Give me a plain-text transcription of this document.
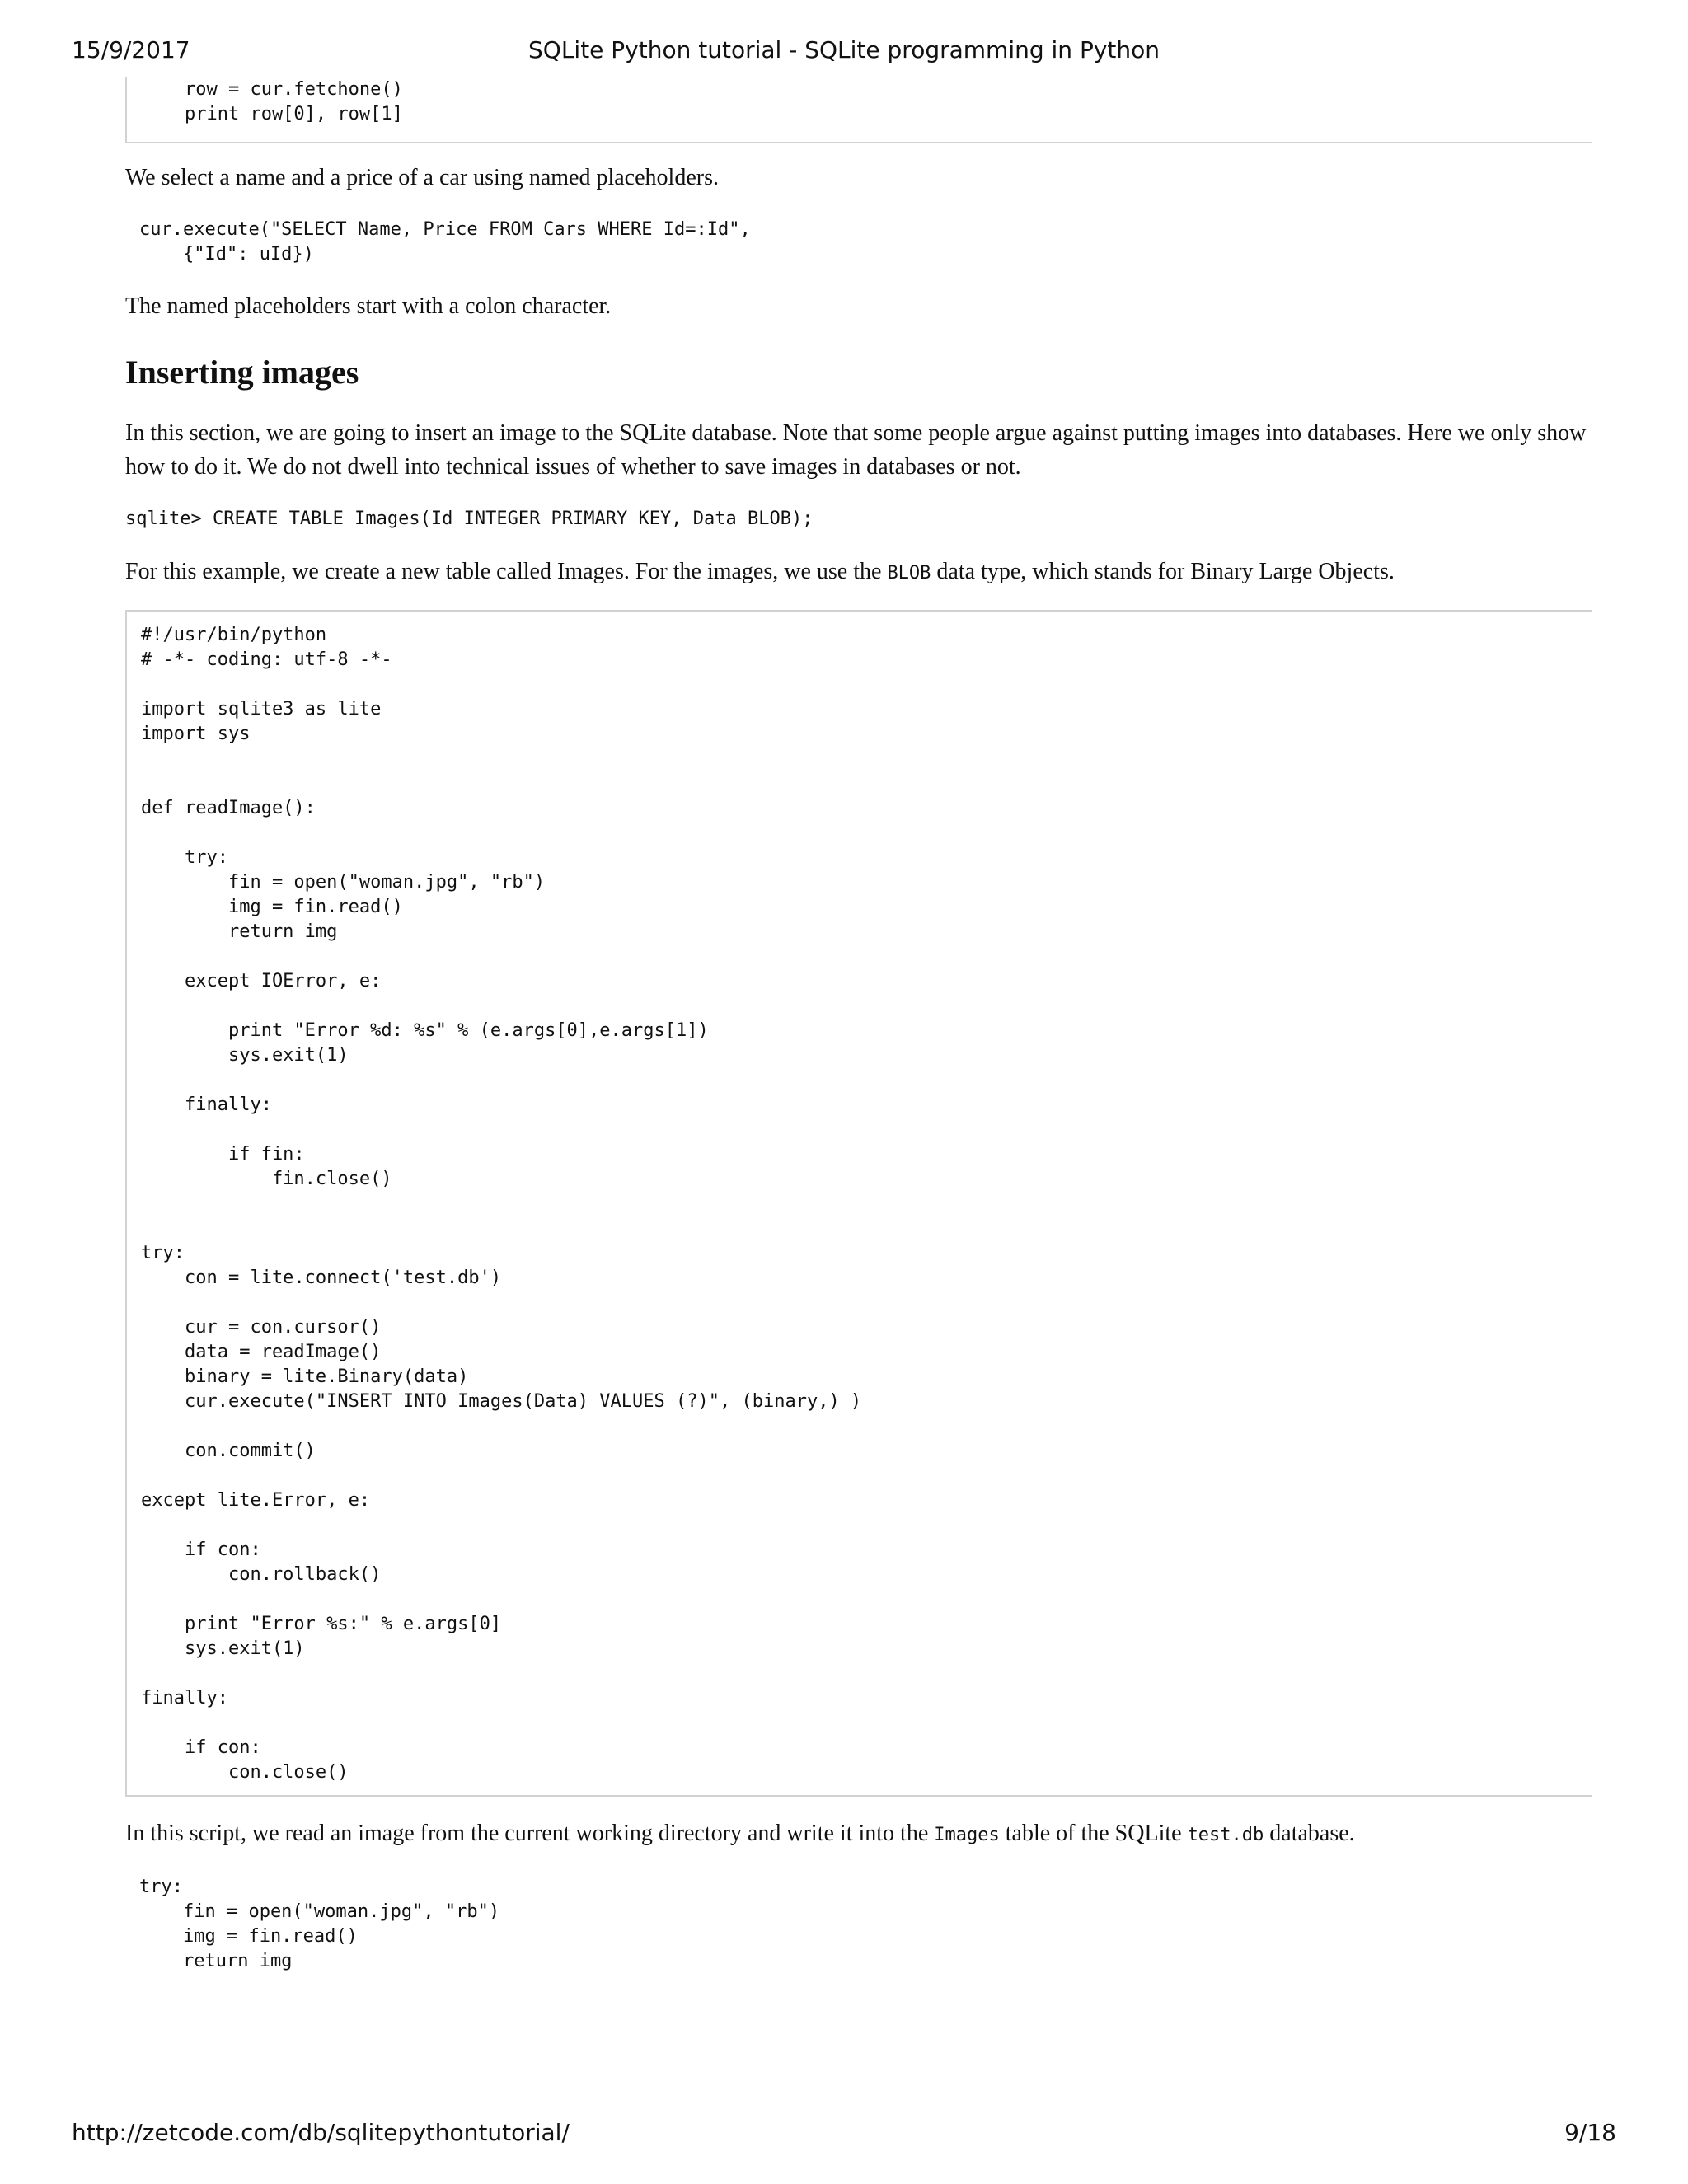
15/9/2017	SQLite Python tutorial - SQLite programming in Python
row = cur.fetchone()
print row[0], row[1]

We select a name and a price of a car using named placeholders.

cur.execute("SELECT Name, Price FROM Cars WHERE Id=:Id",
{"Id": uId})

The named placeholders start with a colon character.

Inserting images

In this section, we are going to insert an image to the SQLite database. Note that some people argue against putting images into databases. Here we only show how to do it. We do not dwell into technical issues of whether to save images in databases or not.

sqlite> CREATE TABLE Images(Id INTEGER PRIMARY KEY, Data BLOB);

For this example, we create a new table called Images. For the images, we use the BLOB data type, which stands for Binary Large Objects.

#!/usr/bin/python
# -*- coding: utf-8 -*-

import sqlite3 as lite
import sys

def readImage():

try:
fin = open("woman.jpg", "rb")
img = fin.read()
return img

except IOError, e:

print "Error %d: %s" % (e.args[0],e.args[1])
sys.exit(1)

finally:

if fin:
fin.close()

try:
con = lite.connect('test.db')

cur = con.cursor()
data = readImage()
binary = lite.Binary(data)
cur.execute("INSERT INTO Images(Data) VALUES (?)", (binary,) )

con.commit()

except lite.Error, e:

if con:
con.rollback()

print "Error %s:" % e.args[0]
sys.exit(1)

finally:

if con:
con.close()

In this script, we read an image from the current working directory and write it into the Images table of the SQLite test.db database.

try:
fin = open("woman.jpg", "rb")
img = fin.read()
return img
http://zetcode.com/db/sqlitepythontutorial/	9/18
